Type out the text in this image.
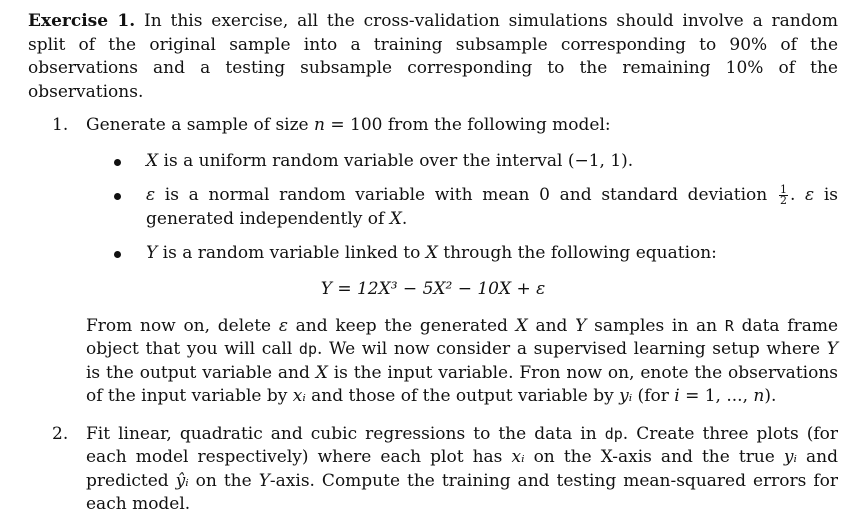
Exercise 1. In this exercise, all the cross-validation simulations should involve a random split of the original sample into a training subsample corresponding to 90% of the observations and a testing subsample corresponding to the remaining 10% of the observations.

1. Generate a sample of size n = 100 from the following model:
X is a uniform random variable over the interval (−1, 1).
ε is a normal random variable with mean 0 and standard deviation $\frac{1}{2}$ . ε is generated independently of X.
Y is a random variable linked to X through the following equation:
Y = 12X³ − 5X² − 10X + ε

From now on, delete ε and keep the generated X and Y samples in an R data frame object that you will call dp. We wil now consider a supervised learning setup where Y is the output variable and X is the input variable. Fron now on, enote the observations of the input variable by xᵢ and those of the output variable by yᵢ (for i = 1, ..., n).

2. Fit linear, quadratic and cubic regressions to the data in dp. Create three plots (for each model respectively) where each plot has xᵢ on the X-axis and the true yᵢ and predicted ŷᵢ on the Y-axis. Compute the training and testing mean-squared errors for each model.
